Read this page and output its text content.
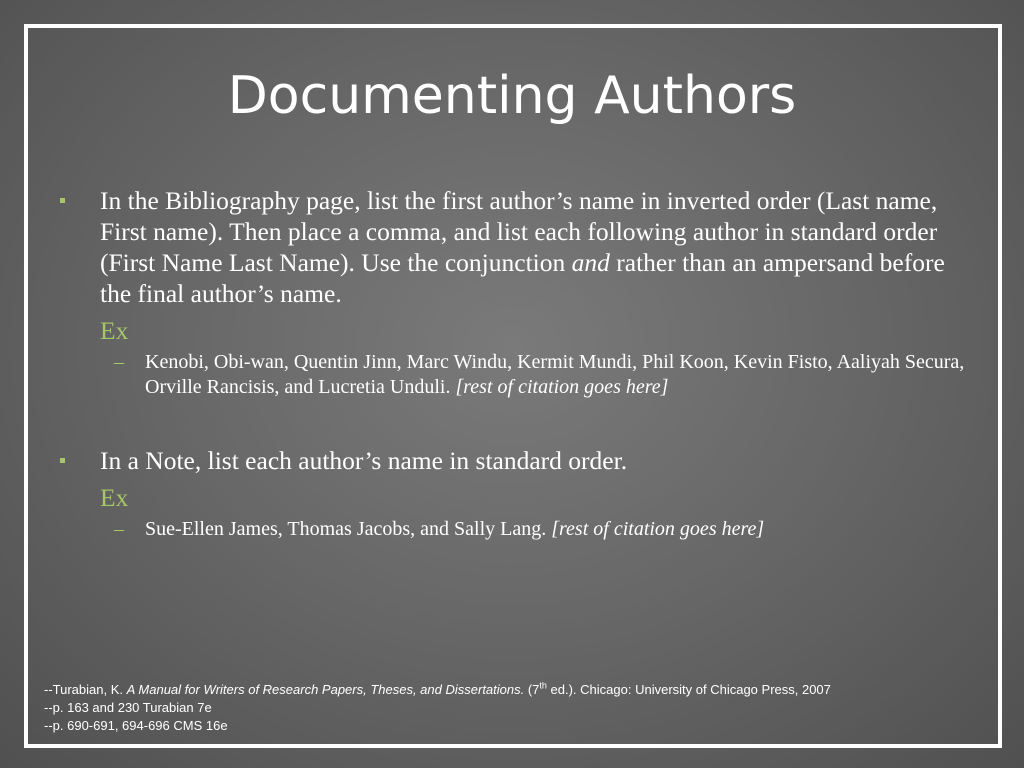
Documenting Authors
In the Bibliography page, list the first author’s name in inverted order (Last name, First name). Then place a comma, and list each following author in standard order (First Name Last Name). Use the conjunction and rather than an ampersand before the final author’s name.
Ex
– Kenobi, Obi-wan, Quentin Jinn, Marc Windu, Kermit Mundi, Phil Koon, Kevin Fisto, Aaliyah Secura, Orville Rancisis, and Lucretia Unduli. [rest of citation goes here]
In a Note, list each author’s name in standard order.
Ex
– Sue-Ellen James, Thomas Jacobs, and Sally Lang. [rest of citation goes here]
--Turabian, K. A Manual for Writers of Research Papers, Theses, and Dissertations. (7th ed.). Chicago: University of Chicago Press, 2007
--p. 163 and 230 Turabian 7e
--p. 690-691, 694-696 CMS 16e
